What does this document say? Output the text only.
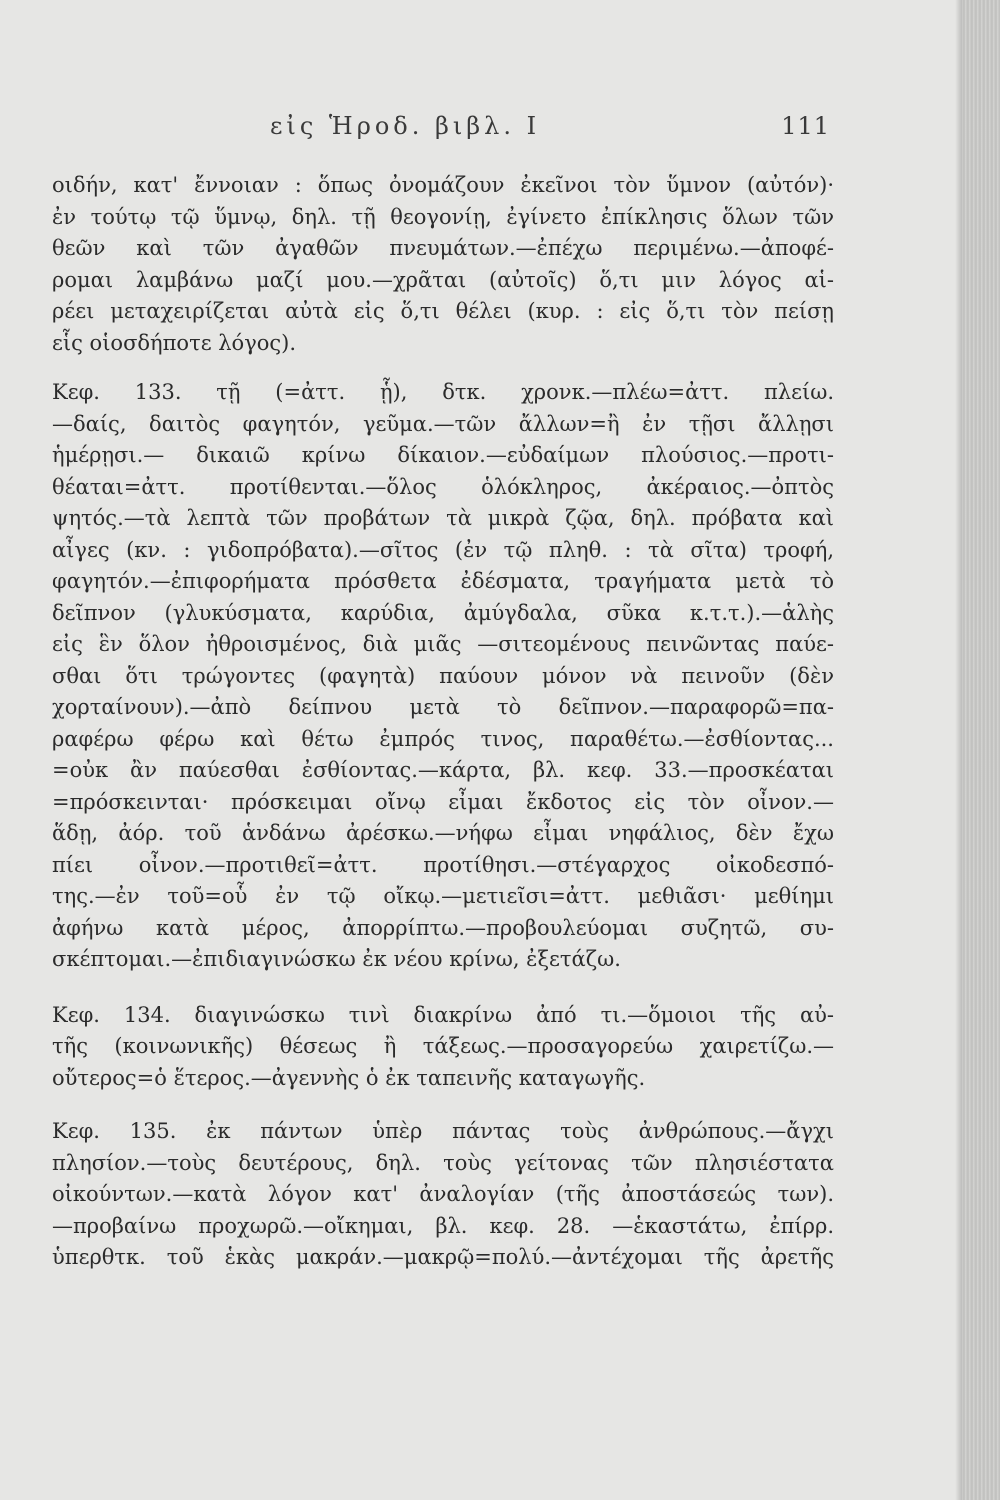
εἰς Ἡροδ. βιβλ. Ι	111
οιδήν, κατ' ἔννοιαν : ὅπως ὀνομάζουν ἐκεῖνοι τὸν ὕμνον (αὐτόν)·
ἐν τούτῳ τῷ ὕμνῳ, δηλ. τῇ θεογονίῃ, ἐγίνετο ἐπίκλησις ὅλων τῶν
θεῶν καὶ τῶν ἀγαθῶν πνευμάτων.—ἐπέχω περιμένω.—ἀποφέ-
ρομαι λαμβάνω μαζί μου.—χρᾶται (αὐτοῖς) ὅ,τι μιν λόγος αἱ-
ρέει μεταχειρίζεται αὐτὰ εἰς ὅ,τι θέλει (κυρ. : εἰς ὅ,τι τὸν πείσῃ
εἷς οἱοσδήποτε λόγος).
Κεφ. 133. τῇ (=ἀττ. ᾗ), δτκ. χρονκ.—πλέω=ἀττ. πλείω.
—δαίς, δαιτὸς φαγητόν, γεῦμα.—τῶν ἄλλων=ἢ ἐν τῇσι ἄλλῃσι
ἡμέρῃσι.— δικαιῶ κρίνω δίκαιον.—εὐδαίμων πλούσιος.—προτι-
θέαται=ἀττ. προτίθενται.—ὅλος ὁλόκληρος, ἀκέραιος.—ὀπτὸς
ψητός.—τὰ λεπτὰ τῶν προβάτων τὰ μικρὰ ζῷα, δηλ. πρόβατα καὶ
αἶγες (κν. : γιδοπρόβατα).—σῖτος (ἐν τῷ πληθ. : τὰ σῖτα) τροφή,
φαγητόν.—ἐπιφορήματα πρόσθετα ἐδέσματα, τραγήματα μετὰ τὸ
δεῖπνον (γλυκύσματα, καρύδια, ἀμύγδαλα, σῦκα κ.τ.τ.).—ἁλὴς
εἰς ἓν ὅλον ἠθροισμένος, διὰ μιᾶς —σιτεομένους πεινῶντας παύε-
σθαι ὅτι τρώγοντες (φαγητὰ) παύουν μόνον νὰ πεινοῦν (δὲν
χορταίνουν).—ἀπὸ δείπνου μετὰ τὸ δεῖπνον.—παραφορῶ=πα-
ραφέρω φέρω καὶ θέτω ἐμπρός τινος, παραθέτω.—ἐσθίοντας...
=οὐκ ἂν παύεσθαι ἐσθίοντας.—κάρτα, βλ. κεφ. 33.—προσκέαται
=πρόσκεινται· πρόσκειμαι οἴνῳ εἶμαι ἔκδοτος εἰς τὸν οἶνον.—
ἅδῃ, ἀόρ. τοῦ ἁνδάνω ἀρέσκω.—νήφω εἶμαι νηφάλιος, δὲν ἔχω
πίει οἶνον.—προτιθεῖ=ἀττ. προτίθησι.—στέγαρχος οἰκοδεσπό-
της.—ἐν τοῦ=οὗ ἐν τῷ οἴκῳ.—μετιεῖσι=ἀττ. μεθιᾶσι· μεθίημι
ἀφήνω κατὰ μέρος, ἀπορρίπτω.—προβουλεύομαι συζητῶ, συ-
σκέπτομαι.—ἐπιδιαγινώσκω ἐκ νέου κρίνω, ἐξετάζω.
Κεφ. 134. διαγινώσκω τινὶ διακρίνω ἀπό τι.—ὅμοιοι τῆς αὐ-
τῆς (κοινωνικῆς) θέσεως ἢ τάξεως.—προσαγορεύω χαιρετίζω.—
οὔτερος=ὁ ἕτερος.—ἀγεννὴς ὁ ἐκ ταπεινῆς καταγωγῆς.
Κεφ. 135. ἐκ πάντων ὑπὲρ πάντας τοὺς ἀνθρώπους.—ἄγχι
πλησίον.—τοὺς δευτέρους, δηλ. τοὺς γείτονας τῶν πλησιέστατα
οἰκούντων.—κατὰ λόγον κατ' ἀναλογίαν (τῆς ἀποστάσεώς των).
—προβαίνω προχωρῶ.—οἴκημαι, βλ. κεφ. 28. —ἑκαστάτω, ἐπίρρ.
ὑπερθτκ. τοῦ ἑκὰς μακράν.—μακρῷ=πολύ.—ἀντέχομαι τῆς ἀρετῆς
